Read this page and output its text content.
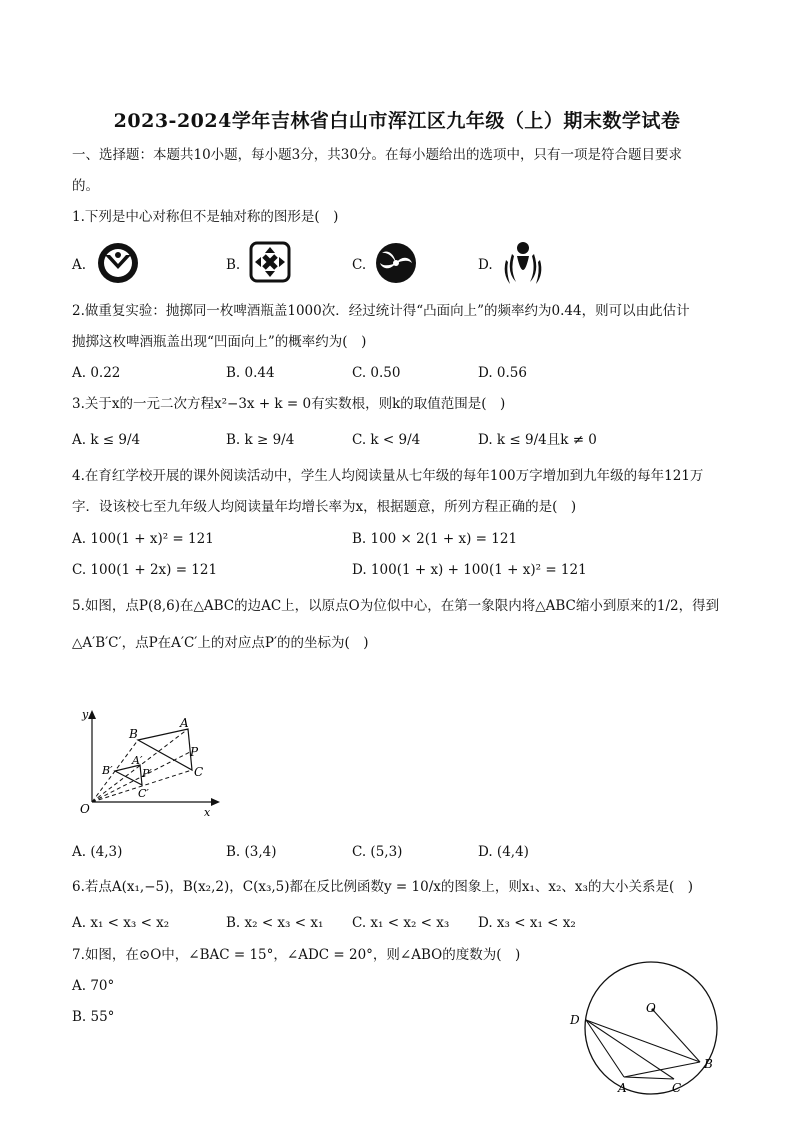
2023-2024学年吉林省白山市浑江区九年级（上）期末数学试卷
一、选择题：本题共10小题，每小题3分，共30分。在每小题给出的选项中，只有一项是符合题目要求
的。
1.下列是中心对称但不是轴对称的图形是(　)
A.	B.	C.	D.
2.做重复实验：抛掷同一枚啤酒瓶盖1000次．经过统计得“凸面向上”的频率约为0.44，则可以由此估计
抛掷这枚啤酒瓶盖出现“凹面向上”的概率约为(　)
A. 0.22	B. 0.44	C. 0.50	D. 0.56
3.关于x的一元二次方程x²−3x + k = 0有实数根，则k的取值范围是(　)
A. k ≤ 9/4	B. k ≥ 9/4	C. k < 9/4	D. k ≤ 9/4且k ≠ 0
4.在育红学校开展的课外阅读活动中，学生人均阅读量从七年级的每年100万字增加到九年级的每年121万
字．设该校七至九年级人均阅读量年均增长率为x，根据题意，所列方程正确的是(　)
A. 100(1 + x)² = 121	B. 100 × 2(1 + x) = 121
C. 100(1 + 2x) = 121	D. 100(1 + x) + 100(1 + x)² = 121
5.如图，点P(8,6)在△ABC的边AC上，以原点O为位似中心，在第一象限内将△ABC缩小到原来的1/2，得到
△A′B′C′，点P在A′C′上的对应点P′的的坐标为(　)
y
x
O
A
B
C
P
A′
B′
C′
P′
A. (4,3)	B. (3,4)	C. (5,3)	D. (4,4)
6.若点A(x₁,−5)，B(x₂,2)，C(x₃,5)都在反比例函数y = 10/x的图象上，则x₁、x₂、x₃的大小关系是(　)
A. x₁ < x₃ < x₂	B. x₂ < x₃ < x₁ C. x₁ < x₂ < x₃ D. x₃ < x₁ < x₂
7.如图，在⊙O中，∠BAC = 15°，∠ADC = 20°，则∠ABO的度数为(　)
A. 70°
B. 55°
O
D
B
A	C
